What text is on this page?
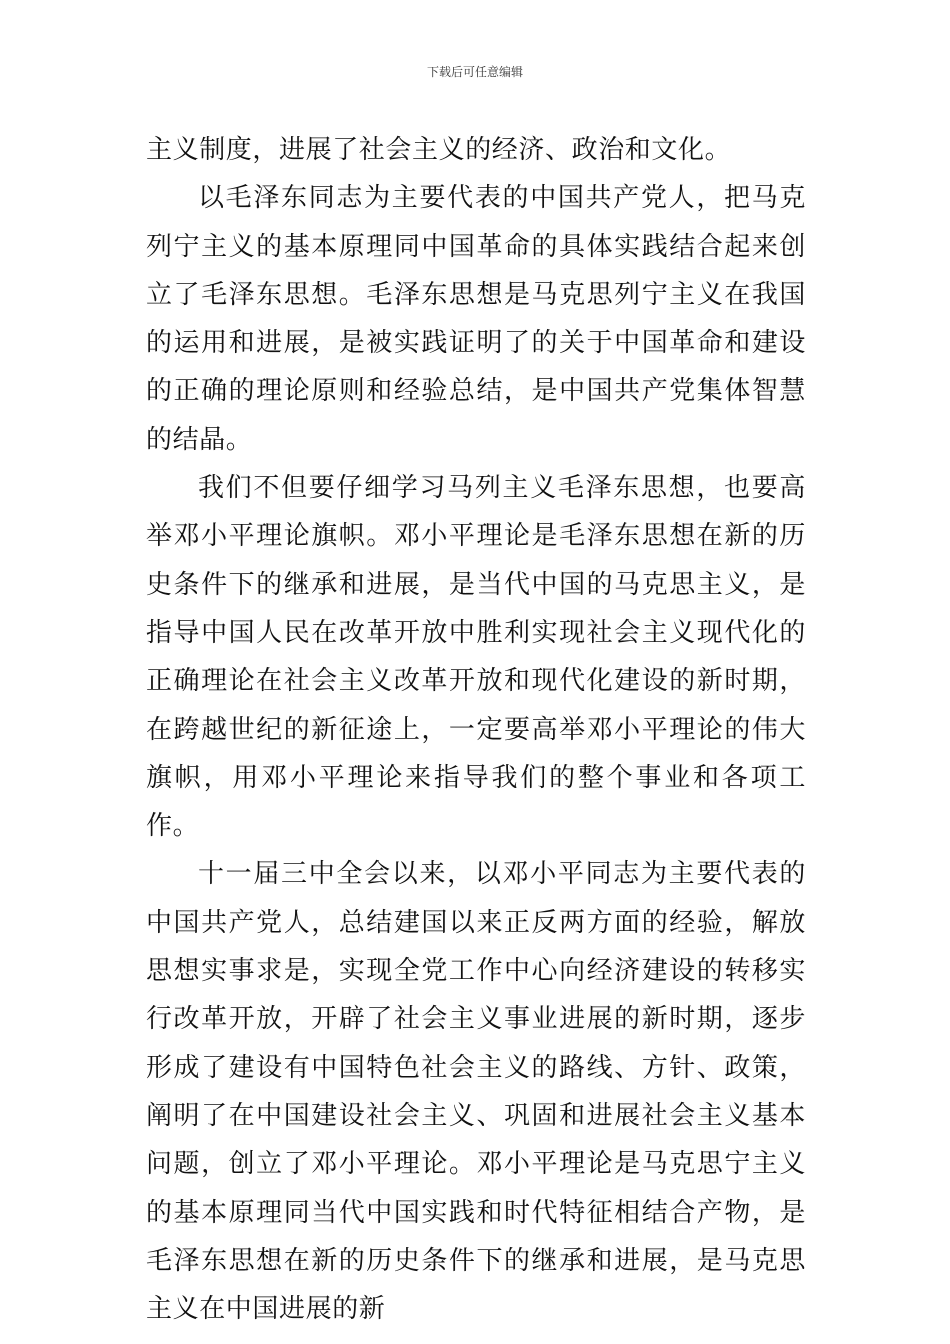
下载后可任意编辑

主义制度，进展了社会主义的经济、政治和文化。

以毛泽东同志为主要代表的中国共产党人，把马克列宁主义的基本原理同中国革命的具体实践结合起来创立了毛泽东思想。毛泽东思想是马克思列宁主义在我国的运用和进展，是被实践证明了的关于中国革命和建设的正确的理论原则和经验总结，是中国共产党集体智慧的结晶。

我们不但要仔细学习马列主义毛泽东思想，也要高举邓小平理论旗帜。邓小平理论是毛泽东思想在新的历史条件下的继承和进展，是当代中国的马克思主义，是指导中国人民在改革开放中胜利实现社会主义现代化的正确理论在社会主义改革开放和现代化建设的新时期，在跨越世纪的新征途上，一定要高举邓小平理论的伟大旗帜，用邓小平理论来指导我们的整个事业和各项工作。

十一届三中全会以来，以邓小平同志为主要代表的中国共产党人，总结建国以来正反两方面的经验，解放思想实事求是，实现全党工作中心向经济建设的转移实行改革开放，开辟了社会主义事业进展的新时期，逐步形成了建设有中国特色社会主义的路线、方针、政策，阐明了在中国建设社会主义、巩固和进展社会主义基本问题，创立了邓小平理论。邓小平理论是马克思宁主义的基本原理同当代中国实践和时代特征相结合产物，是毛泽东思想在新的历史条件下的继承和进展，是马克思主义在中国进展的新
